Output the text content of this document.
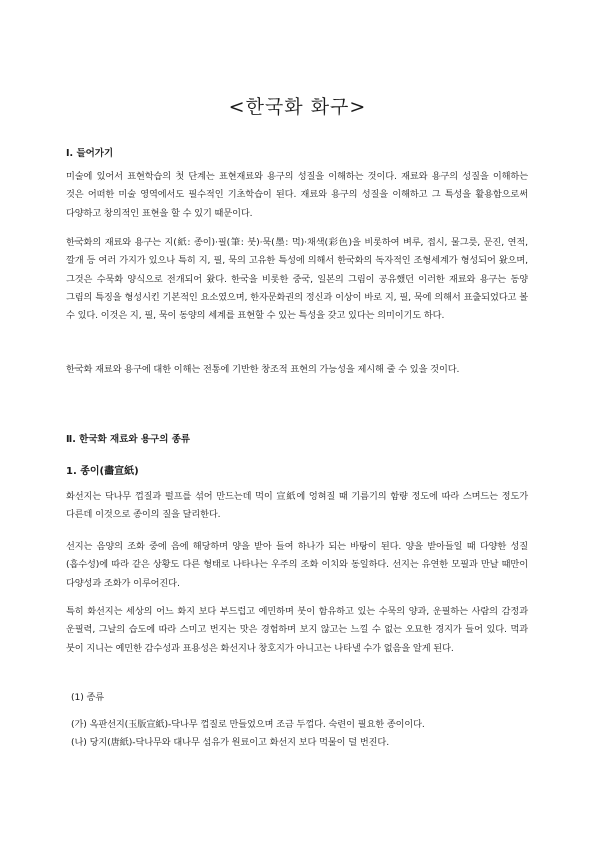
<한국화 화구>
Ⅰ. 들어가기
미술에 있어서 표현학습의 첫 단계는 표현재료와 용구의 성질을 이해하는 것이다. 재료와 용구의 성질을 이해하는 것은 어떠한 미술 영역에서도 필수적인 기초학습이 된다. 재료와 용구의 성질을 이해하고 그 특성을 활용함으로써 다양하고 창의적인 표현을 할 수 있기 때문이다.
한국화의 재료와 용구는 지(紙: 종이)·필(筆: 붓)·묵(墨: 먹)·채색(彩色)을 비롯하여 벼루, 접시, 물그릇, 문진, 연적, 깔개 등 여러 가지가 있으나 특히 지, 필, 묵의 고유한 특성에 의해서 한국화의 독자적인 조형세계가 형성되어 왔으며, 그것은 수묵화 양식으로 전개되어 왔다. 한국을 비롯한 중국, 일본의 그림이 공유했던 이러한 재료와 용구는 동양 그림의 특징을 형성시킨 기본적인 요소였으며, 한자문화권의 정신과 이상이 바로 지, 필, 묵에 의해서 표출되었다고 볼 수 있다. 이것은 지, 필, 묵이 동양의 세계를 표현할 수 있는 특성을 갖고 있다는 의미이기도 하다.
한국화 재료와 용구에 대한 이해는 전통에 기반한 창조적 표현의 가능성을 제시해 줄 수 있을 것이다.
Ⅱ. 한국화 재료와 용구의 종류
1. 종이(畵宣紙)
화선지는 닥나무 껍질과 펄프를 섞어 만드는데 먹이 宣紙에 엉혀질 때 기름기의 함량 정도에 따라 스며드는 정도가 다른데 이것으로 종이의 질을 달리한다.
선지는 음양의 조화 중에 음에 해당하며 양을 받아 들여 하나가 되는 바탕이 된다. 양을 받아들일 때 다양한 성질(흡수성)에 따라 같은 상황도 다른 형태로 나타나는 우주의 조화 이치와 동일하다. 선지는 유연한 모필과 만날 때만이 다양성과 조화가 이루어진다.
특히 화선지는 세상의 어느 화지 보다 부드럽고 예민하며 붓이 함유하고 있는 수묵의 양과, 운필하는 사람의 감정과 운필력, 그날의 습도에 따라 스미고 번지는 맛은 경험하며 보지 않고는 느낄 수 없는 오묘한 경지가 들어 있다. 먹과 붓이 지니는 예민한 감수성과 표용성은 화선지나 창호지가 아니고는 나타낼 수가 없음을 알게 된다.
(1) 종류
(가) 옥판선지(玉版宣紙)-닥나무 껍질로 만들었으며 조금 두껍다. 숙련이 필요한 종이이다.
(나) 당지(唐紙)-닥나무와 대나무 섬유가 원료이고 화선지 보다 먹물이 덜 번진다.
